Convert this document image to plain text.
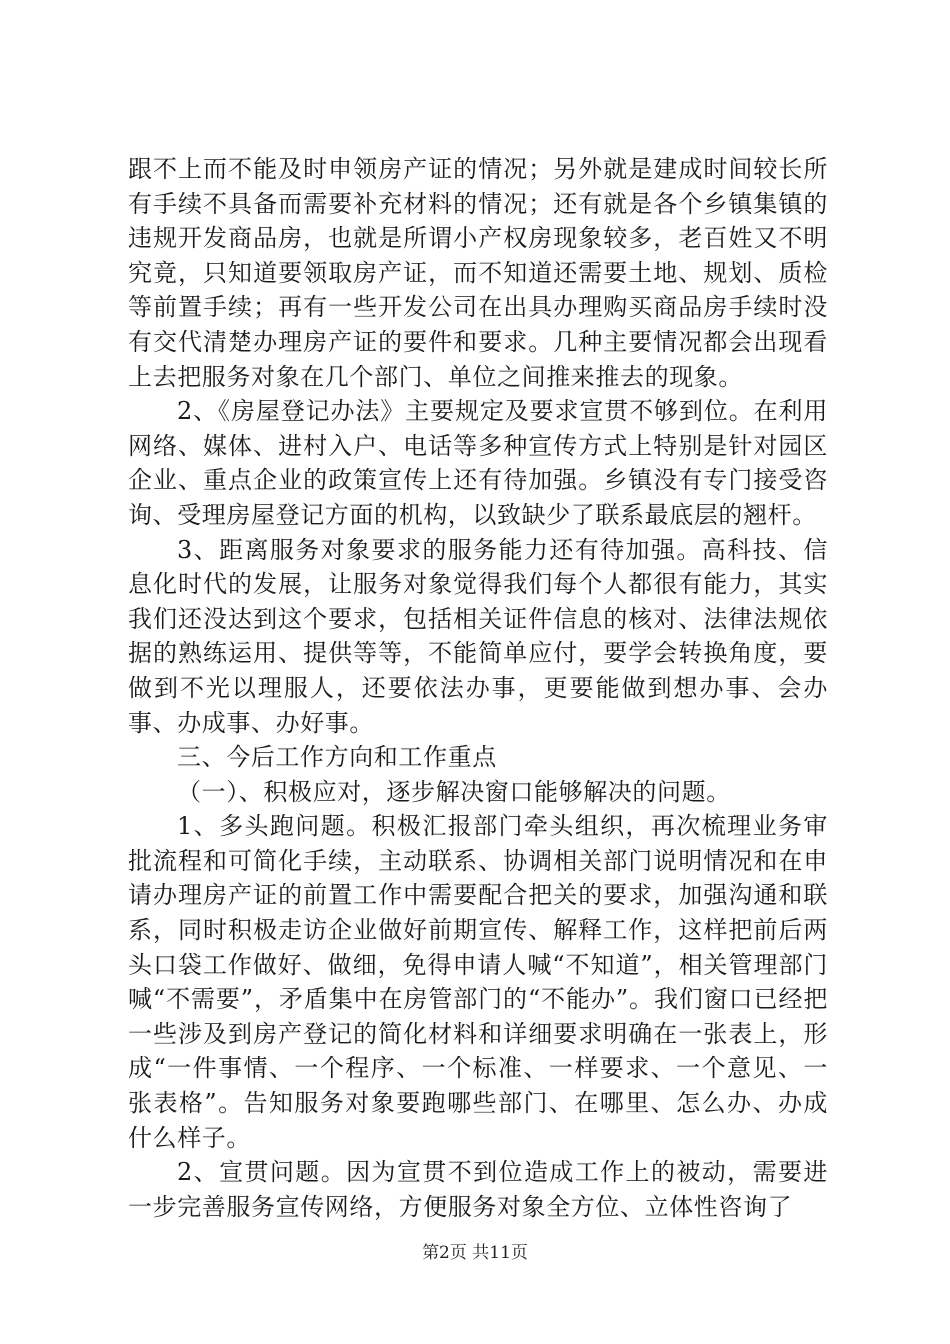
跟不上而不能及时申领房产证的情况；另外就是建成时间较长所有手续不具备而需要补充材料的情况；还有就是各个乡镇集镇的违规开发商品房，也就是所谓小产权房现象较多，老百姓又不明究竟，只知道要领取房产证，而不知道还需要土地、规划、质检等前置手续；再有一些开发公司在出具办理购买商品房手续时没有交代清楚办理房产证的要件和要求。几种主要情况都会出现看上去把服务对象在几个部门、单位之间推来推去的现象。

2、《房屋登记办法》主要规定及要求宣贯不够到位。在利用网络、媒体、进村入户、电话等多种宣传方式上特别是针对园区企业、重点企业的政策宣传上还有待加强。乡镇没有专门接受咨询、受理房屋登记方面的机构，以致缺少了联系最底层的翘杆。

3、距离服务对象要求的服务能力还有待加强。高科技、信息化时代的发展，让服务对象觉得我们每个人都很有能力，其实我们还没达到这个要求，包括相关证件信息的核对、法律法规依据的熟练运用、提供等等，不能简单应付，要学会转换角度，要做到不光以理服人，还要依法办事，更要能做到想办事、会办事、办成事、办好事。

三、今后工作方向和工作重点

（一）、积极应对，逐步解决窗口能够解决的问题。

1、多头跑问题。积极汇报部门牵头组织，再次梳理业务审批流程和可简化手续，主动联系、协调相关部门说明情况和在申请办理房产证的前置工作中需要配合把关的要求，加强沟通和联系，同时积极走访企业做好前期宣传、解释工作，这样把前后两头口袋工作做好、做细，免得申请人喊“不知道”，相关管理部门喊“不需要”，矛盾集中在房管部门的“不能办”。我们窗口已经把一些涉及到房产登记的简化材料和详细要求明确在一张表上，形成“一件事情、一个程序、一个标准、一样要求、一个意见、一张表格”。告知服务对象要跑哪些部门、在哪里、怎么办、办成什么样子。

2、宣贯问题。因为宣贯不到位造成工作上的被动，需要进一步完善服务宣传网络，方便服务对象全方位、立体性咨询了

第2页 共11页
